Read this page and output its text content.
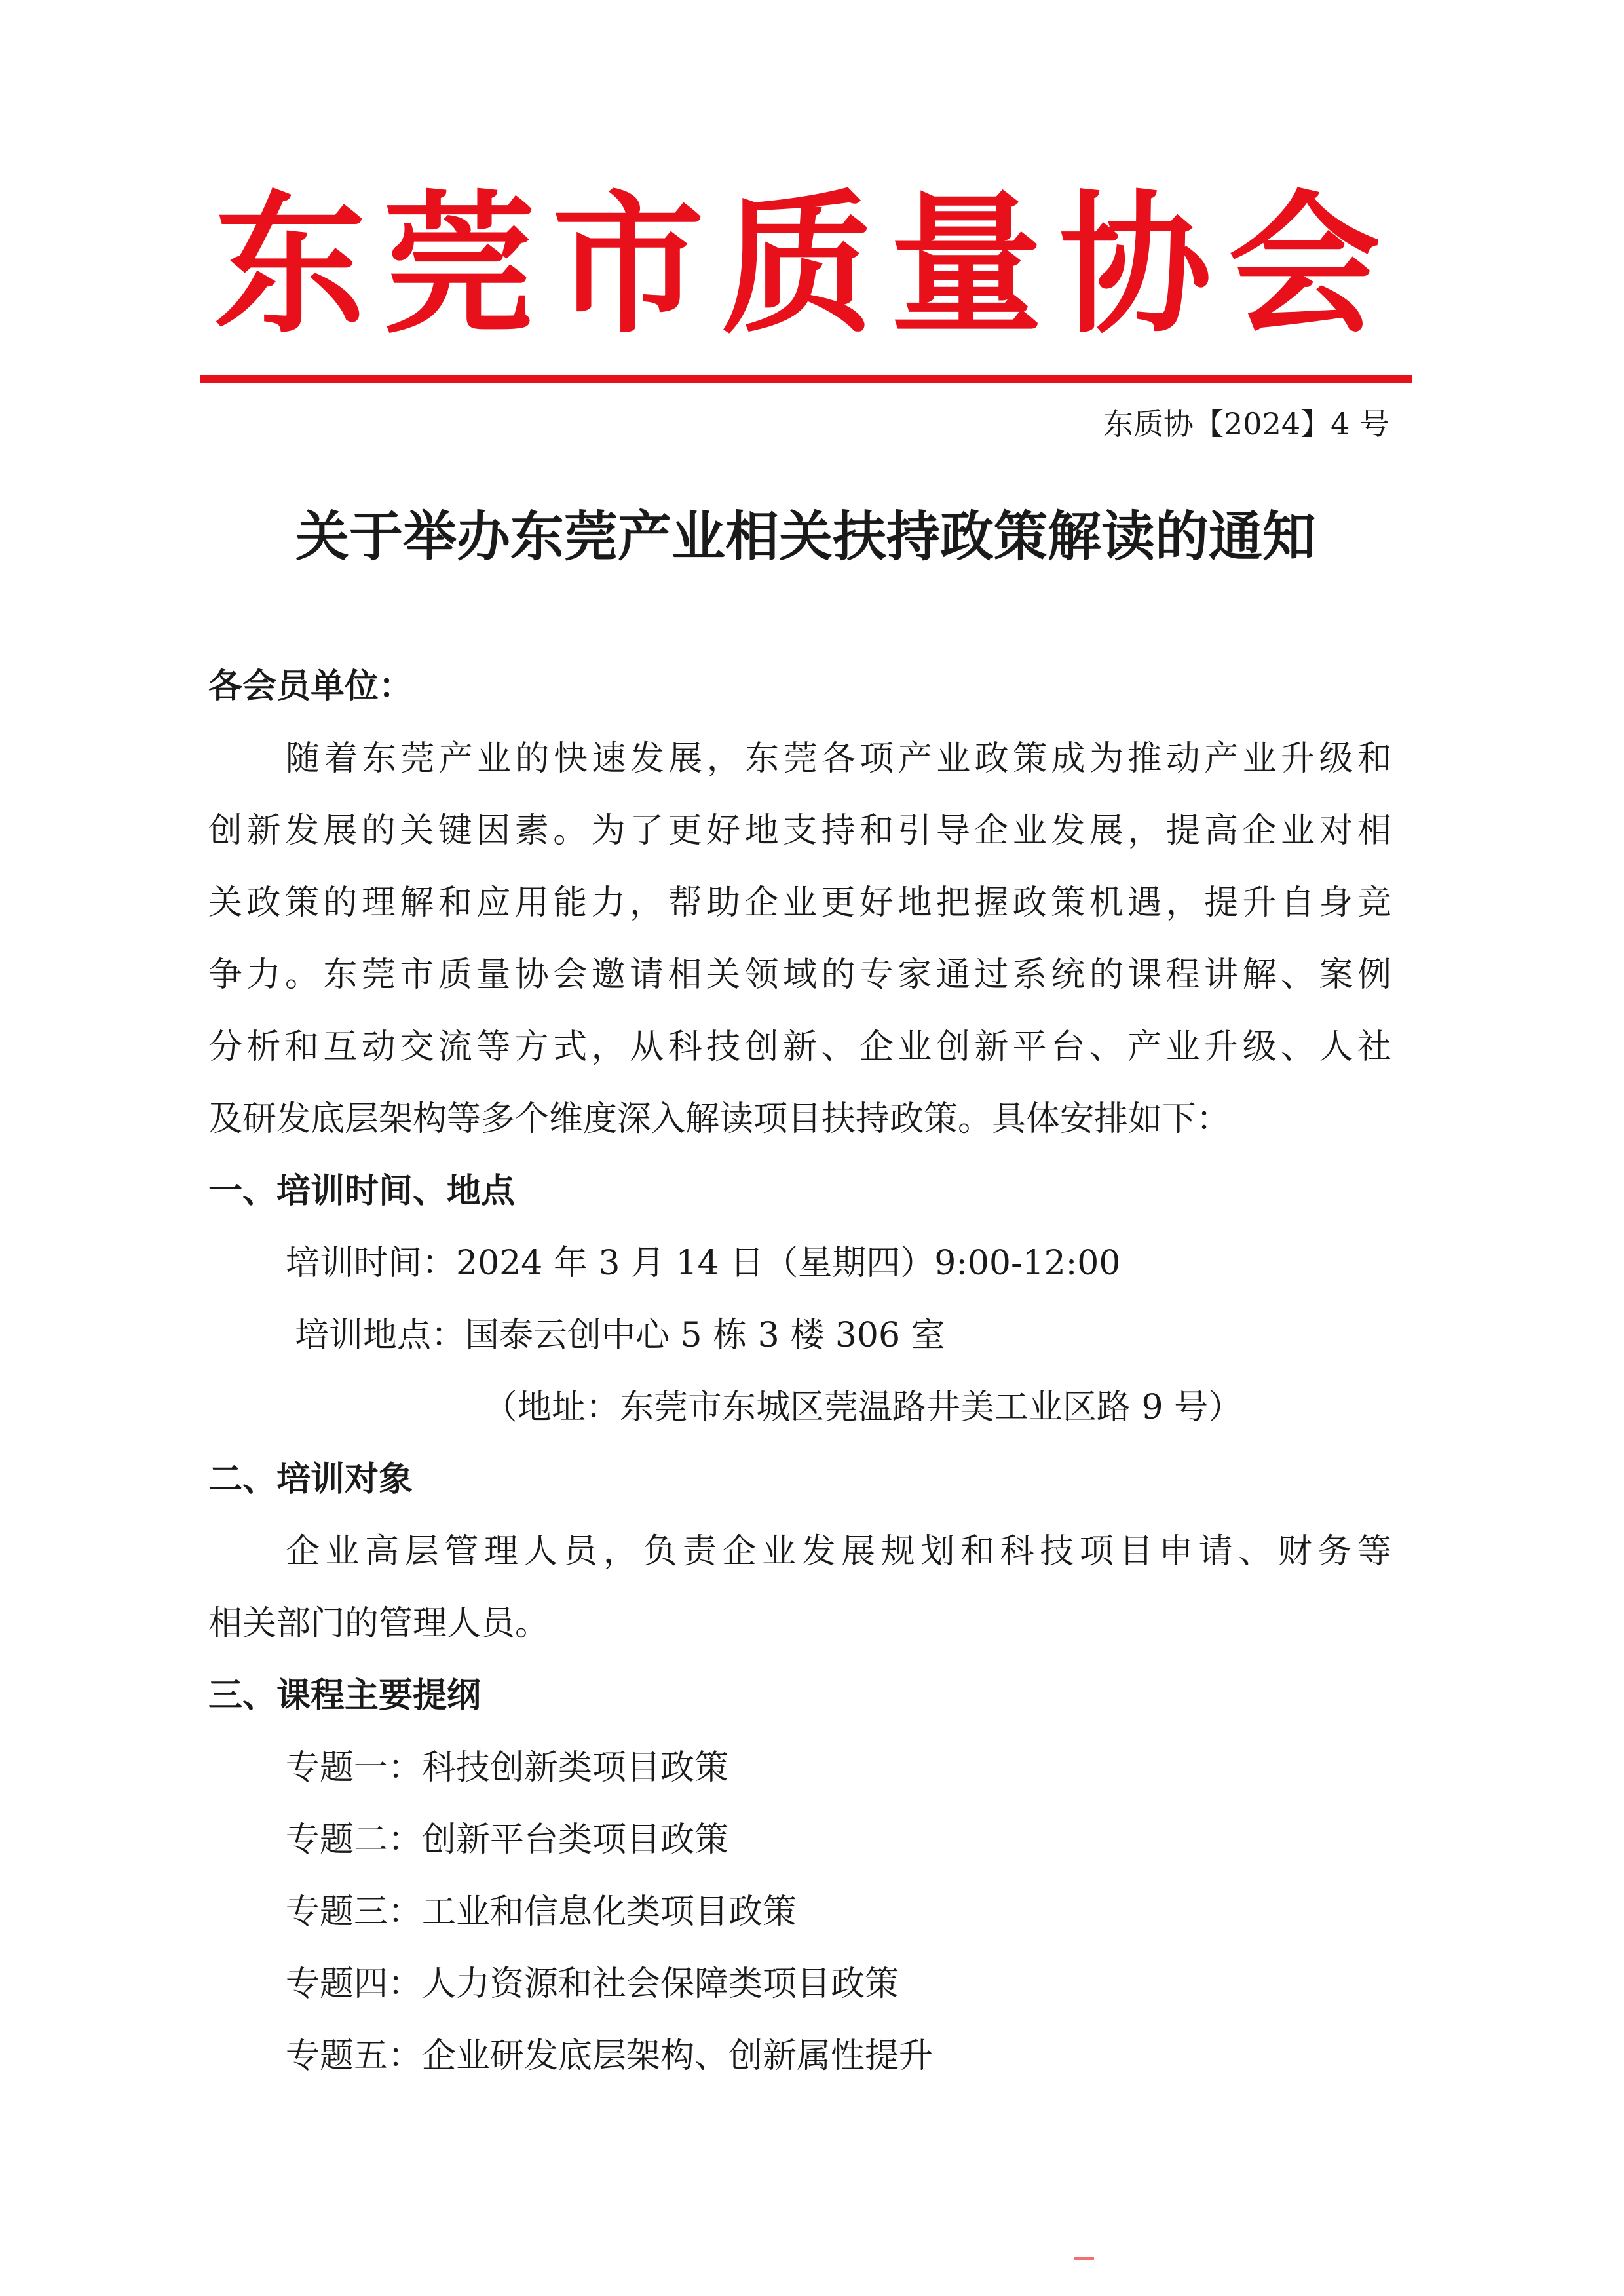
东莞市质量协会
东质协【2024】4 号
关于举办东莞产业相关扶持政策解读的通知
各会员单位：
随着东莞产业的快速发展，东莞各项产业政策成为推动产业升级和
创新发展的关键因素。为了更好地支持和引导企业发展，提高企业对相
关政策的理解和应用能力，帮助企业更好地把握政策机遇，提升自身竞
争力。东莞市质量协会邀请相关领域的专家通过系统的课程讲解、案例
分析和互动交流等方式，从科技创新、企业创新平台、产业升级、人社
及研发底层架构等多个维度深入解读项目扶持政策。具体安排如下：
一、培训时间、地点
培训时间：2024 年 3 月 14 日（星期四）9:00-12:00
培训地点：国泰云创中心 5 栋 3 楼 306 室
（地址：东莞市东城区莞温路井美工业区路 9 号）
二、培训对象
企业高层管理人员，负责企业发展规划和科技项目申请、财务等
相关部门的管理人员。
三、课程主要提纲
专题一：科技创新类项目政策
专题二：创新平台类项目政策
专题三：工业和信息化类项目政策
专题四：人力资源和社会保障类项目政策
专题五：企业研发底层架构、创新属性提升
